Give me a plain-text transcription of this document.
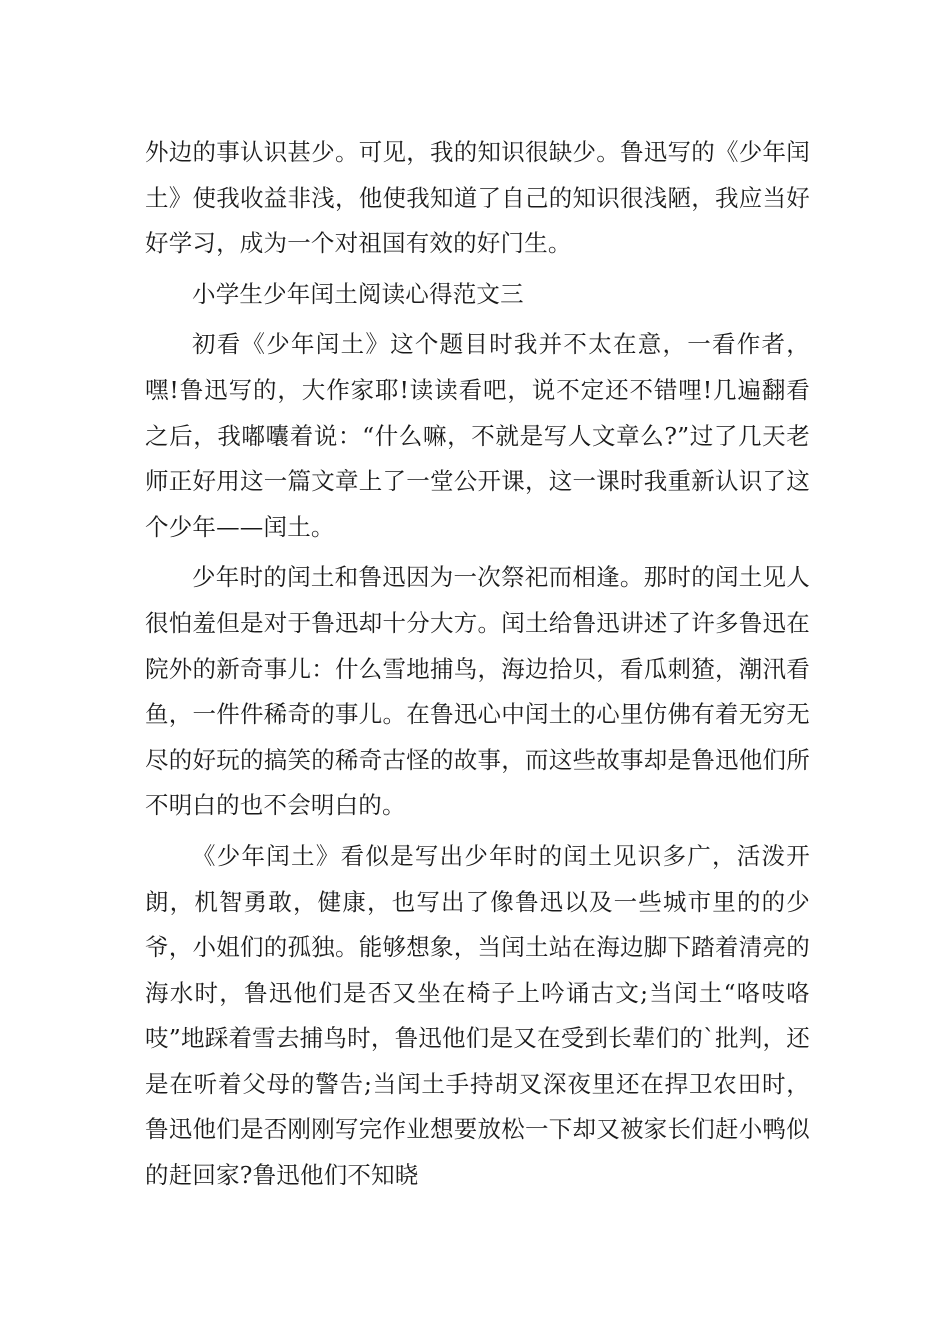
外边的事认识甚少。可见，我的知识很缺少。鲁迅写的《少年闰土》使我收益非浅，他使我知道了自己的知识很浅陋，我应当好好学习，成为一个对祖国有效的好门生。

小学生少年闰土阅读心得范文三

初看《少年闰土》这个题目时我并不太在意，一看作者，嘿!鲁迅写的，大作家耶!读读看吧，说不定还不错哩!几遍翻看之后，我嘟囔着说：“什么嘛，不就是写人文章么?”过了几天老师正好用这一篇文章上了一堂公开课，这一课时我重新认识了这个少年——闰土。

少年时的闰土和鲁迅因为一次祭祀而相逢。那时的闰土见人很怕羞但是对于鲁迅却十分大方。闰土给鲁迅讲述了许多鲁迅在院外的新奇事儿：什么雪地捕鸟，海边拾贝，看瓜刺猹，潮汛看鱼，一件件稀奇的事儿。在鲁迅心中闰土的心里仿佛有着无穷无尽的好玩的搞笑的稀奇古怪的故事，而这些故事却是鲁迅他们所不明白的也不会明白的。

《少年闰土》看似是写出少年时的闰土见识多广，活泼开朗，机智勇敢，健康，也写出了像鲁迅以及一些城市里的的少爷，小姐们的孤独。能够想象，当闰土站在海边脚下踏着清亮的海水时，鲁迅他们是否又坐在椅子上吟诵古文;当闰土“咯吱咯吱”地踩着雪去捕鸟时，鲁迅他们是又在受到长辈们的`批判，还是在听着父母的警告;当闰土手持胡叉深夜里还在捍卫农田时，鲁迅他们是否刚刚写完作业想要放松一下却又被家长们赶小鸭似的赶回家?鲁迅他们不知晓
